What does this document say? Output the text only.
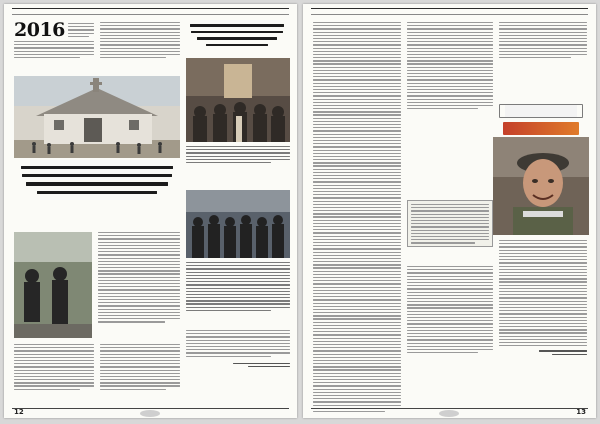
2016
12	13
